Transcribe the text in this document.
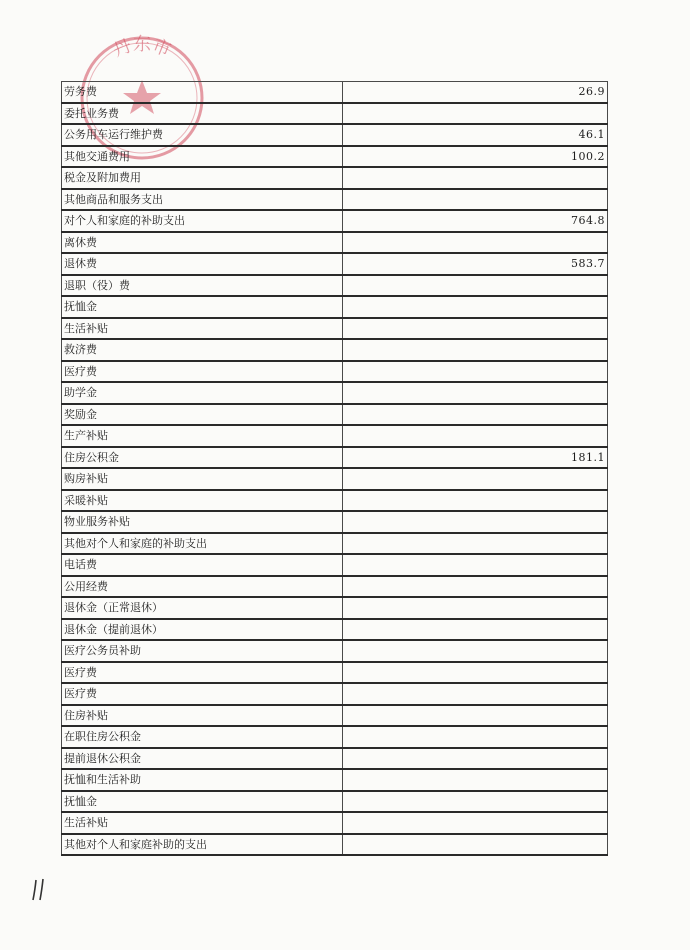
丹东市
劳务费	26.9
委托业务费	
公务用车运行维护费	46.1
其他交通费用	100.2
税金及附加费用	
其他商品和服务支出	
对个人和家庭的补助支出	764.8
离休费	
退休费	583.7
退职（役）费	
抚恤金	
生活补贴	
救济费	
医疗费	
助学金	
奖励金	
生产补贴	
住房公积金	181.1
购房补贴	
采暖补贴	
物业服务补贴	
其他对个人和家庭的补助支出	
电话费	
公用经费	
退休金（正常退休）	
退休金（提前退休）	
医疗公务员补助	
医疗费	
医疗费	
住房补贴	
在职住房公积金	
提前退休公积金	
抚恤和生活补助	
抚恤金	
生活补贴	
其他对个人和家庭补助的支出	
